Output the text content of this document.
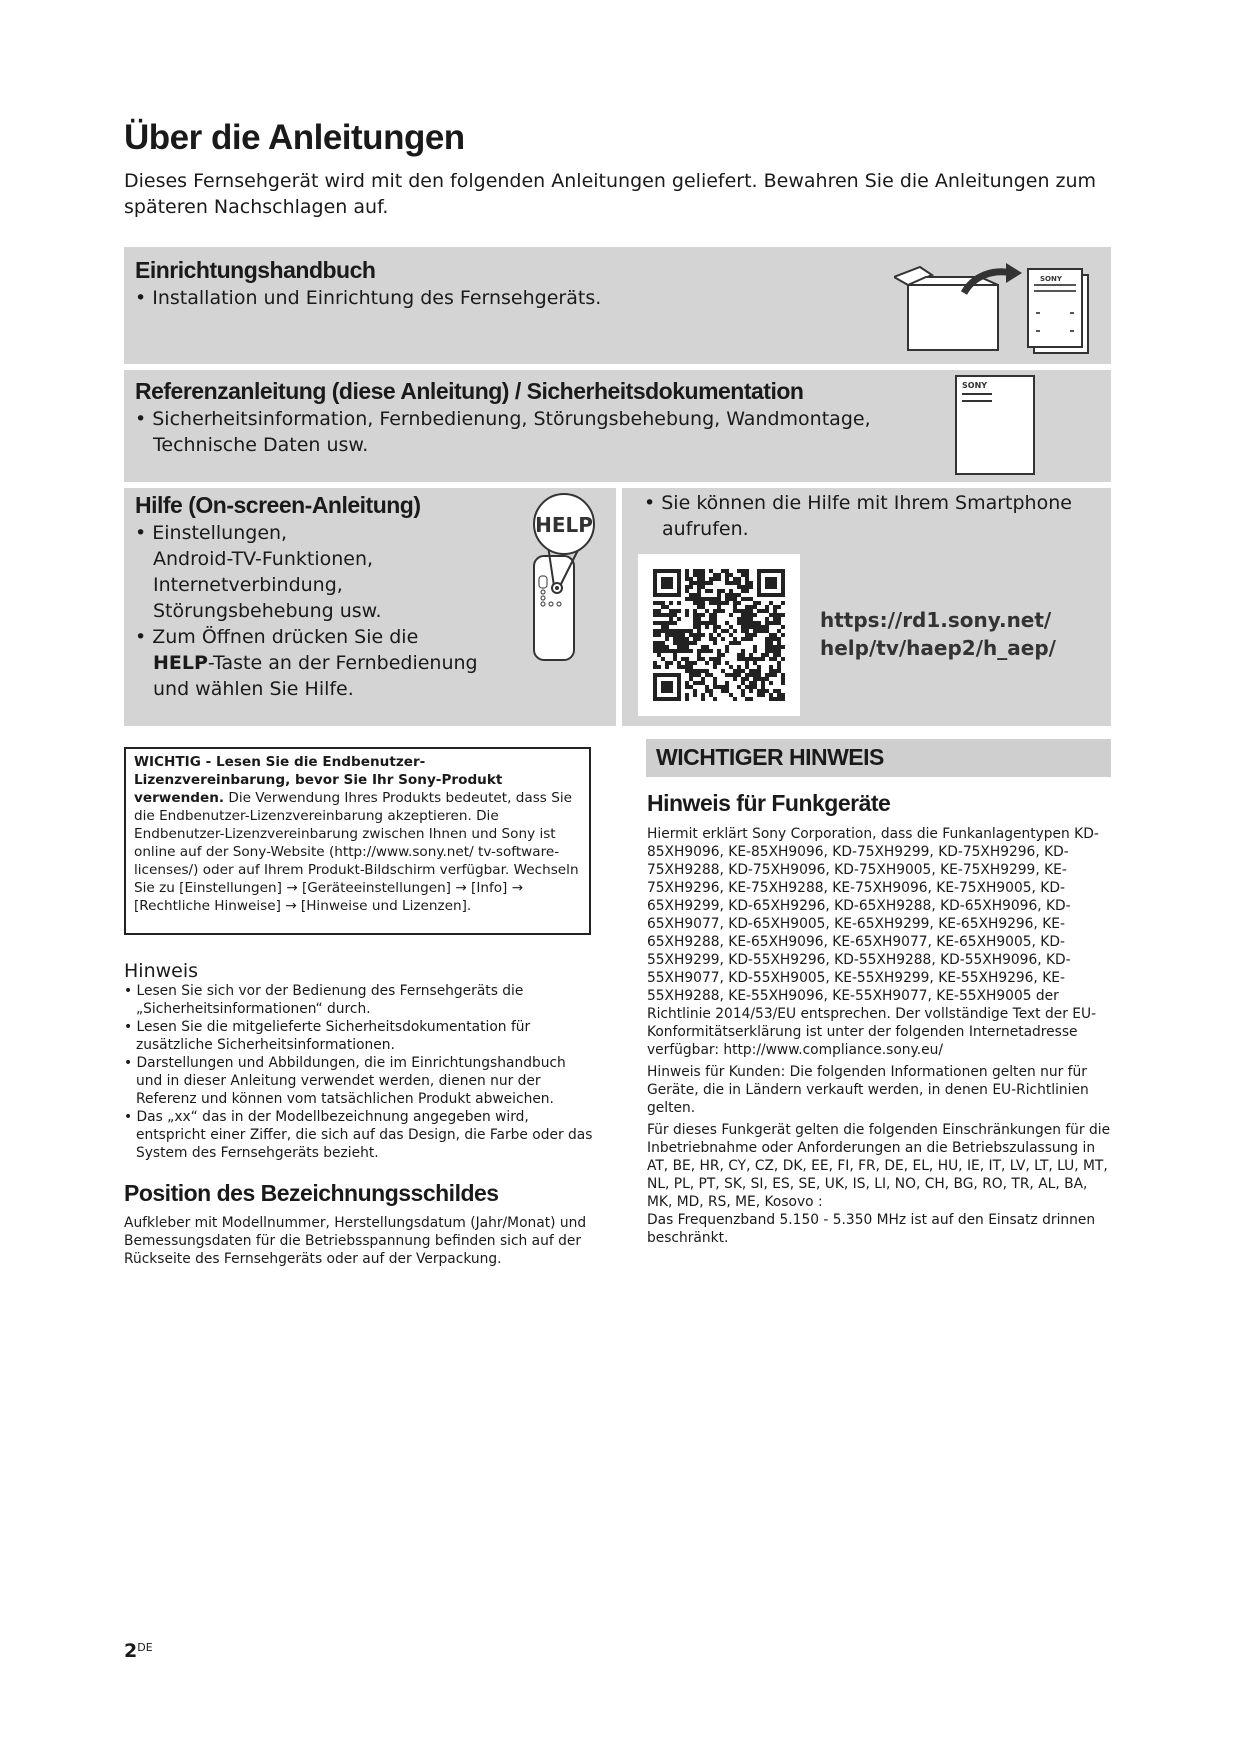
Über die Anleitungen

Dieses Fernsehgerät wird mit den folgenden Anleitungen geliefert. Bewahren Sie die Anleitungen zum späteren Nachschlagen auf.

Einrichtungshandbuch

• Installation und Einrichtung des Fernsehgeräts.

SONY
Referenzanleitung (diese Anleitung) / Sicherheitsdokumentation

• Sicherheitsinformation, Fernbedienung, Störungsbehebung, Wandmontage,

Technische Daten usw.

SONY
Hilfe (On-screen-Anleitung)

• Einstellungen,

Android-TV-Funktionen,

Internetverbindung,

Störungsbehebung usw.

• Zum Öffnen drücken Sie die

HELP-Taste an der Fernbedienung

und wählen Sie Hilfe.

HELP

• Sie können die Hilfe mit Ihrem Smartphone

aufrufen.

https://rd1.sony.net/
help/tv/haep2/h_aep/
WICHTIG - Lesen Sie die Endbenutzer-Lizenzvereinbarung, bevor Sie Ihr Sony-Produkt verwenden. Die Verwendung Ihres Produkts bedeutet, dass Sie die Endbenutzer-Lizenzvereinbarung akzeptieren. Die Endbenutzer-Lizenzvereinbarung zwischen Ihnen und Sony ist online auf der Sony-Website (http://www.sony.net/ tv-software-licenses/) oder auf Ihrem Produkt-Bildschirm verfügbar. Wechseln Sie zu [Einstellungen] → [Geräteeinstellungen] → [Info] → [Rechtliche Hinweise] → [Hinweise und Lizenzen].
Hinweis

• Lesen Sie sich vor der Bedienung des Fernsehgeräts die „Sicherheitsinformationen“ durch.

• Lesen Sie die mitgelieferte Sicherheitsdokumentation für zusätzliche Sicherheitsinformationen.

• Darstellungen und Abbildungen, die im Einrichtungshandbuch und in dieser Anleitung verwendet werden, dienen nur der Referenz und können vom tatsächlichen Produkt abweichen.

• Das „xx“ das in der Modellbezeichnung angegeben wird, entspricht einer Ziffer, die sich auf das Design, die Farbe oder das System des Fernsehgeräts bezieht.

Position des Bezeichnungsschildes

Aufkleber mit Modellnummer, Herstellungsdatum (Jahr/Monat) und Bemessungsdaten für die Betriebsspannung befinden sich auf der Rückseite des Fernsehgeräts oder auf der Verpackung.

WICHTIGER HINWEIS
Hinweis für Funkgeräte

Hiermit erklärt Sony Corporation, dass die Funkanlagentypen KD-85XH9096, KE-85XH9096, KD-75XH9299, KD-75XH9296, KD-75XH9288, KD-75XH9096, KD-75XH9005, KE-75XH9299, KE-75XH9296, KE-75XH9288, KE-75XH9096, KE-75XH9005, KD-65XH9299, KD-65XH9296, KD-65XH9288, KD-65XH9096, KD-65XH9077, KD-65XH9005, KE-65XH9299, KE-65XH9296, KE-65XH9288, KE-65XH9096, KE-65XH9077, KE-65XH9005, KD-55XH9299, KD-55XH9296, KD-55XH9288, KD-55XH9096, KD-55XH9077, KD-55XH9005, KE-55XH9299, KE-55XH9296, KE-55XH9288, KE-55XH9096, KE-55XH9077, KE-55XH9005 der Richtlinie 2014/53/EU entsprechen. Der vollständige Text der EU-Konformitätserklärung ist unter der folgenden Internetadresse verfügbar: http://www.compliance.sony.eu/

Hinweis für Kunden: Die folgenden Informationen gelten nur für Geräte, die in Ländern verkauft werden, in denen EU-Richtlinien gelten.

Für dieses Funkgerät gelten die folgenden Einschränkungen für die Inbetriebnahme oder Anforderungen an die Betriebszulassung in AT, BE, HR, CY, CZ, DK, EE, FI, FR, DE, EL, HU, IE, IT, LV, LT, LU, MT, NL, PL, PT, SK, SI, ES, SE, UK, IS, LI, NO, CH, BG, RO, TR, AL, BA, MK, MD, RS, ME, Kosovo :

Das Frequenzband 5.150 - 5.350 MHz ist auf den Einsatz drinnen beschränkt.

2DE
